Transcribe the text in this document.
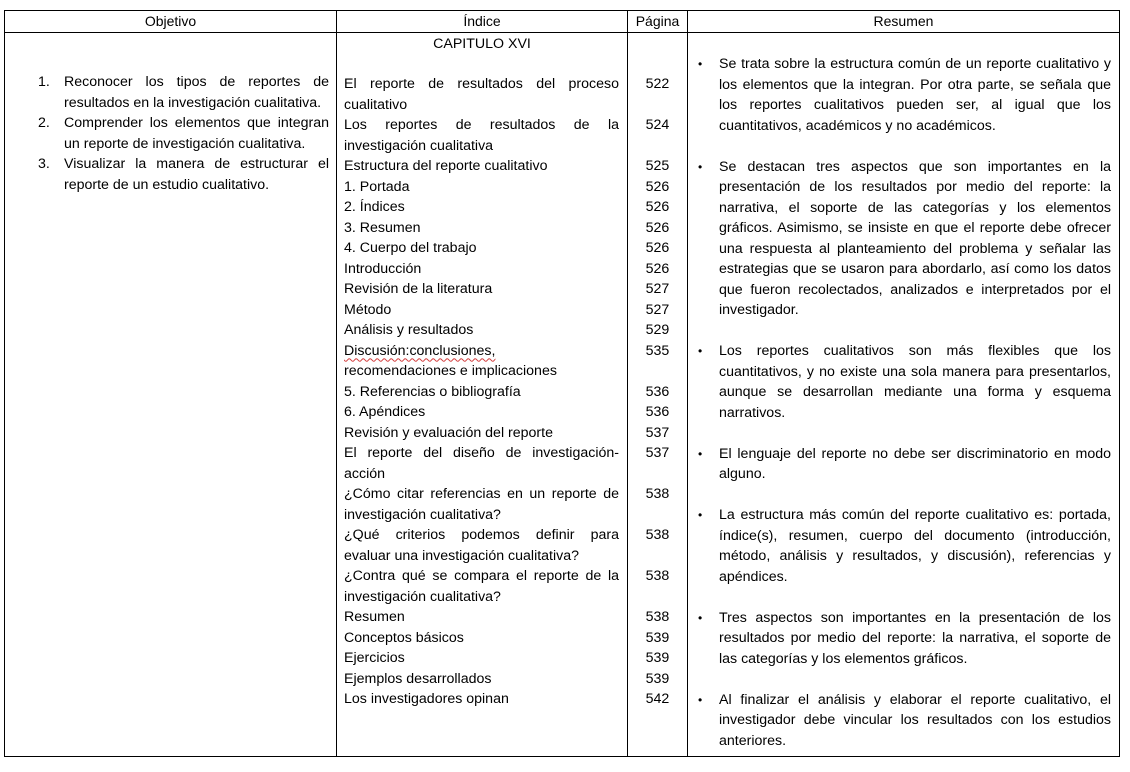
Objetivo
1. Reconocer los tipos de reportes de resultados en la investigación cualitativa.
2. Comprender los elementos que integran un reporte de investigación cualitativa.
3. Visualizar la manera de estructurar el reporte de un estudio cualitativo.
Índice
CAPITULO XVI
El reporte de resultados del proceso cualitativo
Los reportes de resultados de la investigación cualitativa
Estructura del reporte cualitativo
1. Portada
2. Índices
3. Resumen
4. Cuerpo del trabajo
Introducción
Revisión de la literatura
Método
Análisis y resultados
Discusión:conclusiones,
recomendaciones e implicaciones
5. Referencias o bibliografía
6. Apéndices
Revisión y evaluación del reporte
El reporte del diseño de investigación-acción
¿Cómo citar referencias en un reporte de investigación cualitativa?
¿Qué criterios podemos definir para evaluar una investigación cualitativa?
¿Contra qué se compara el reporte de la investigación cualitativa?
Resumen
Conceptos básicos
Ejercicios
Ejemplos desarrollados
Los investigadores opinan
Página
522
524
525
526
526
526
526
526
527
527
529
535
536
536
537
537
538
538
538
538
539
539
539
542
Resumen
• Se trata sobre la estructura común de un reporte cualitativo y los elementos que la integran. Por otra parte, se señala que los reportes cualitativos pueden ser, al igual que los cuantitativos, académicos y no académicos.
• Se destacan tres aspectos que son importantes en la presentación de los resultados por medio del reporte: la narrativa, el soporte de las categorías y los elementos gráficos. Asimismo, se insiste en que el reporte debe ofrecer una respuesta al planteamiento del problema y señalar las estrategias que se usaron para abordarlo, así como los datos que fueron recolectados, analizados e interpretados por el investigador.
• Los reportes cualitativos son más flexibles que los cuantitativos, y no existe una sola manera para presentarlos, aunque se desarrollan mediante una forma y esquema narrativos.
• El lenguaje del reporte no debe ser discriminatorio en modo alguno.
• La estructura más común del reporte cualitativo es: portada, índice(s), resumen, cuerpo del documento (introducción, método, análisis y resultados, y discusión), referencias y apéndices.
• Tres aspectos son importantes en la presentación de los resultados por medio del reporte: la narrativa, el soporte de las categorías y los elementos gráficos.
• Al finalizar el análisis y elaborar el reporte cualitativo, el investigador debe vincular los resultados con los estudios anteriores.
